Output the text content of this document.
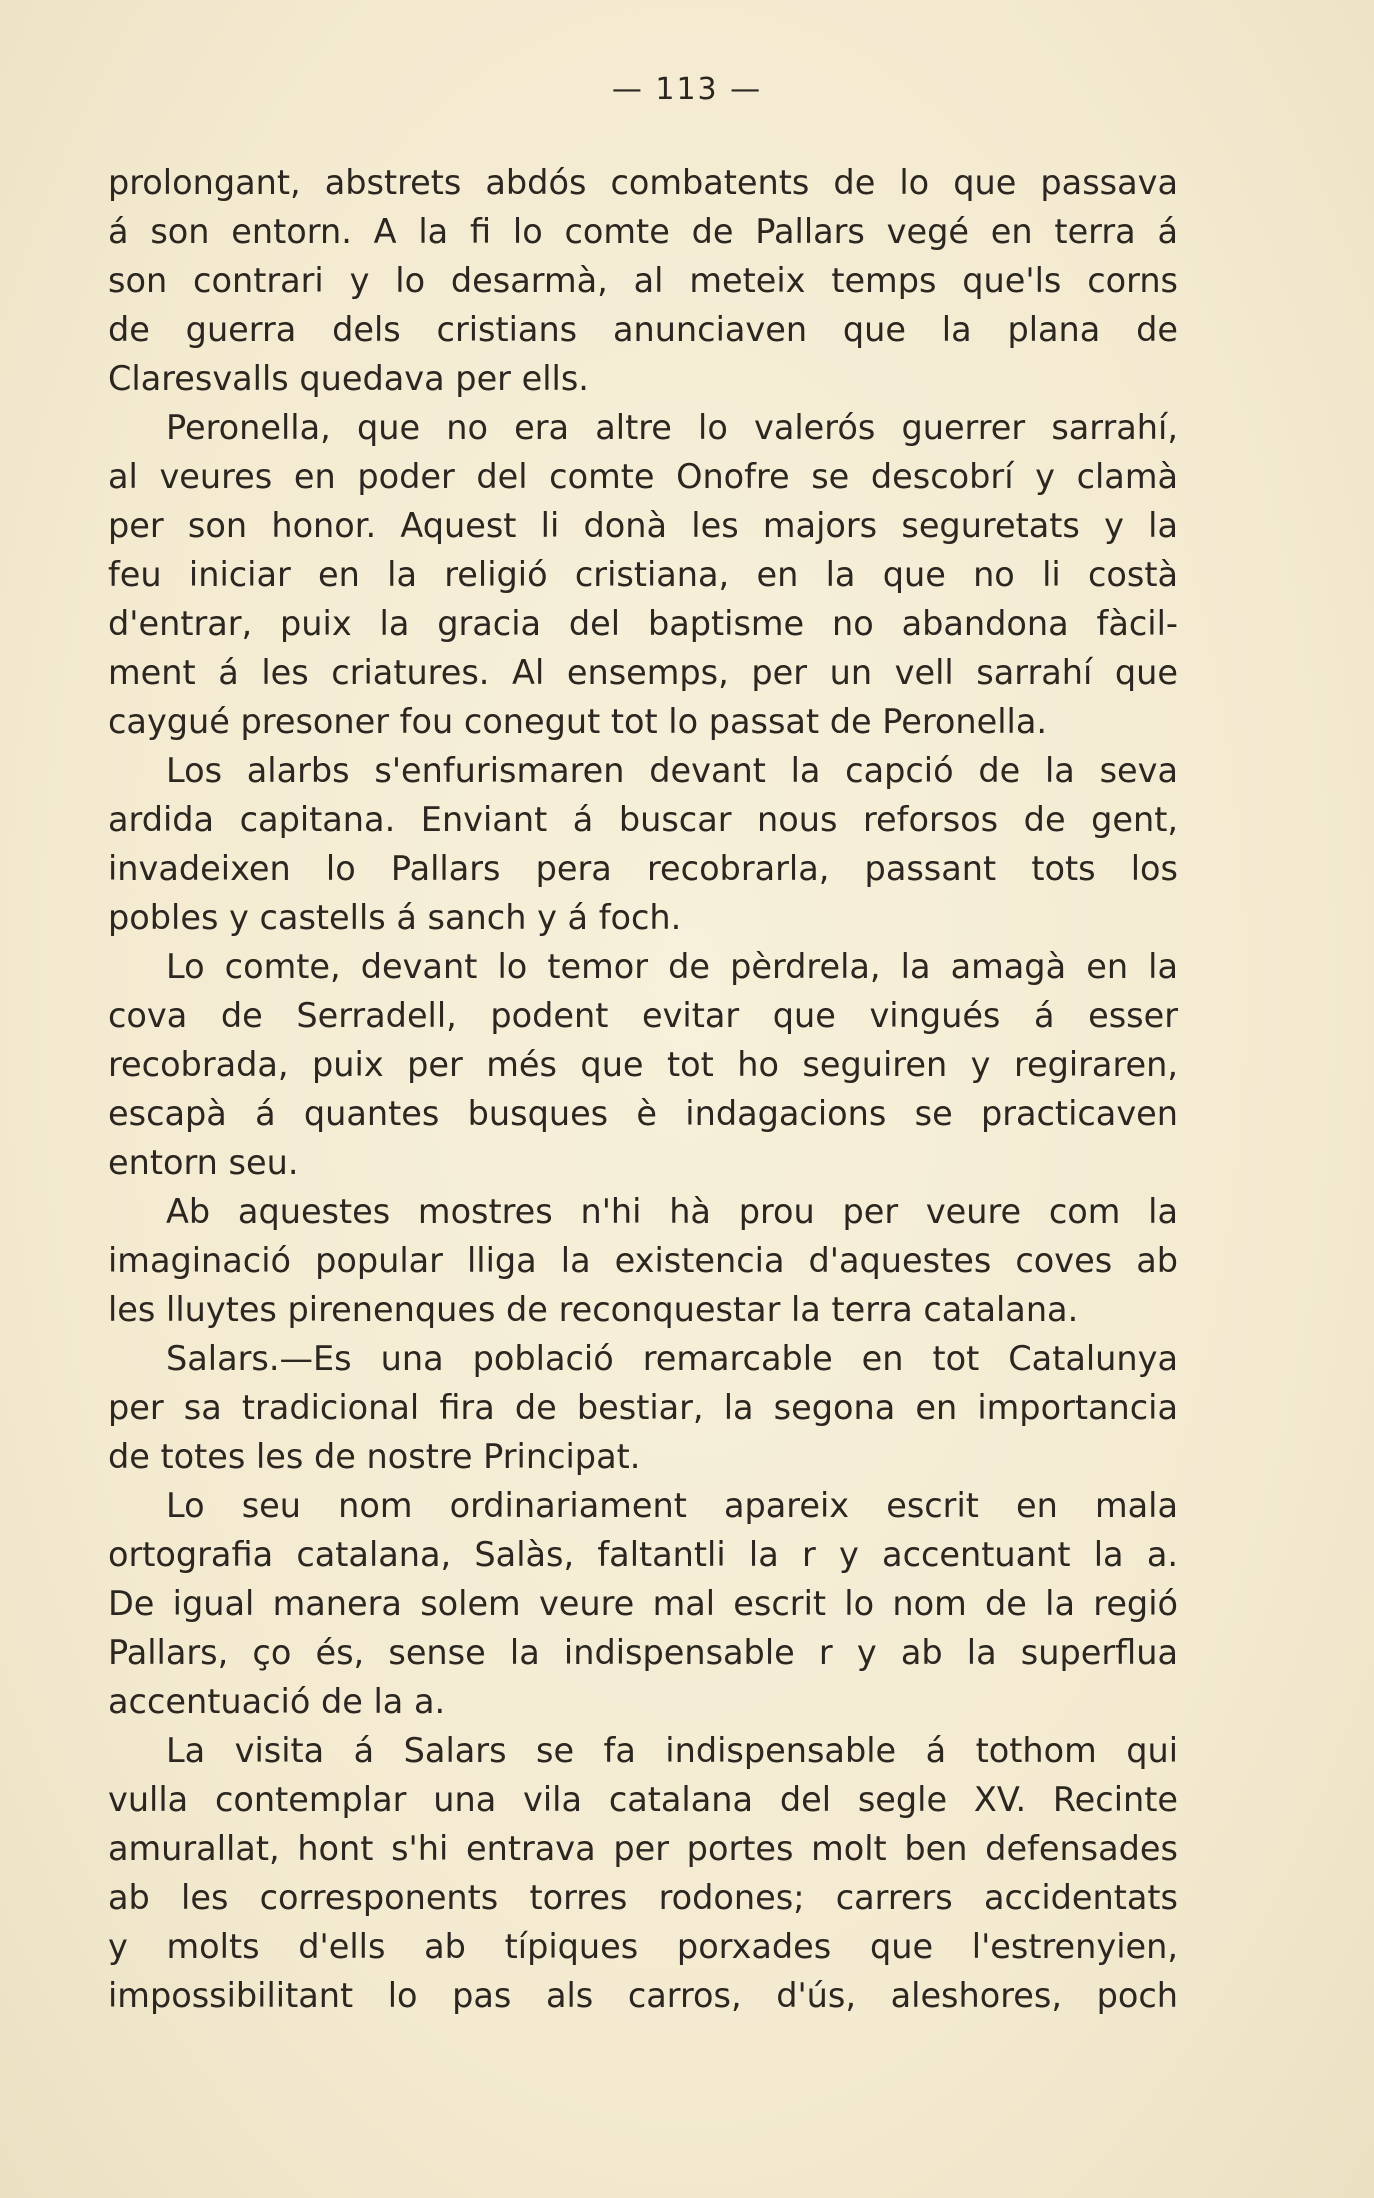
— 113 —
prolongant, abstrets abdós combatents de lo que passava
á son entorn. A la fi lo comte de Pallars vegé en terra á
son contrari y lo desarmà, al meteix temps que'ls corns
de guerra dels cristians anunciaven que la plana de
Claresvalls quedava per ells.
Peronella, que no era altre lo valerós guerrer sarrahí,
al veures en poder del comte Onofre se descobrí y clamà
per son honor. Aquest li donà les majors seguretats y la
feu iniciar en la religió cristiana, en la que no li costà
d'entrar, puix la gracia del baptisme no abandona fàcil-
ment á les criatures. Al ensemps, per un vell sarrahí que
caygué presoner fou conegut tot lo passat de Peronella.
Los alarbs s'enfurismaren devant la capció de la seva
ardida capitana. Enviant á buscar nous reforsos de gent,
invadeixen lo Pallars pera recobrarla, passant tots los
pobles y castells á sanch y á foch.
Lo comte, devant lo temor de pèrdrela, la amagà en la
cova de Serradell, podent evitar que vingués á esser
recobrada, puix per més que tot ho seguiren y regiraren,
escapà á quantes busques è indagacions se practicaven
entorn seu.
Ab aquestes mostres n'hi hà prou per veure com la
imaginació popular lliga la existencia d'aquestes coves ab
les lluytes pirenenques de reconquestar la terra catalana.
Salars.—Es una població remarcable en tot Catalunya
per sa tradicional fira de bestiar, la segona en importancia
de totes les de nostre Principat.
Lo seu nom ordinariament apareix escrit en mala
ortografia catalana, Salàs, faltantli la r y accentuant la a.
De igual manera solem veure mal escrit lo nom de la regió
Pallars, ço és, sense la indispensable r y ab la superflua
accentuació de la a.
La visita á Salars se fa indispensable á tothom qui
vulla contemplar una vila catalana del segle XV. Recinte
amurallat, hont s'hi entrava per portes molt ben defensades
ab les corresponents torres rodones; carrers accidentats
y molts d'ells ab típiques porxades que l'estrenyien,
impossibilitant lo pas als carros, d'ús, aleshores, poch
